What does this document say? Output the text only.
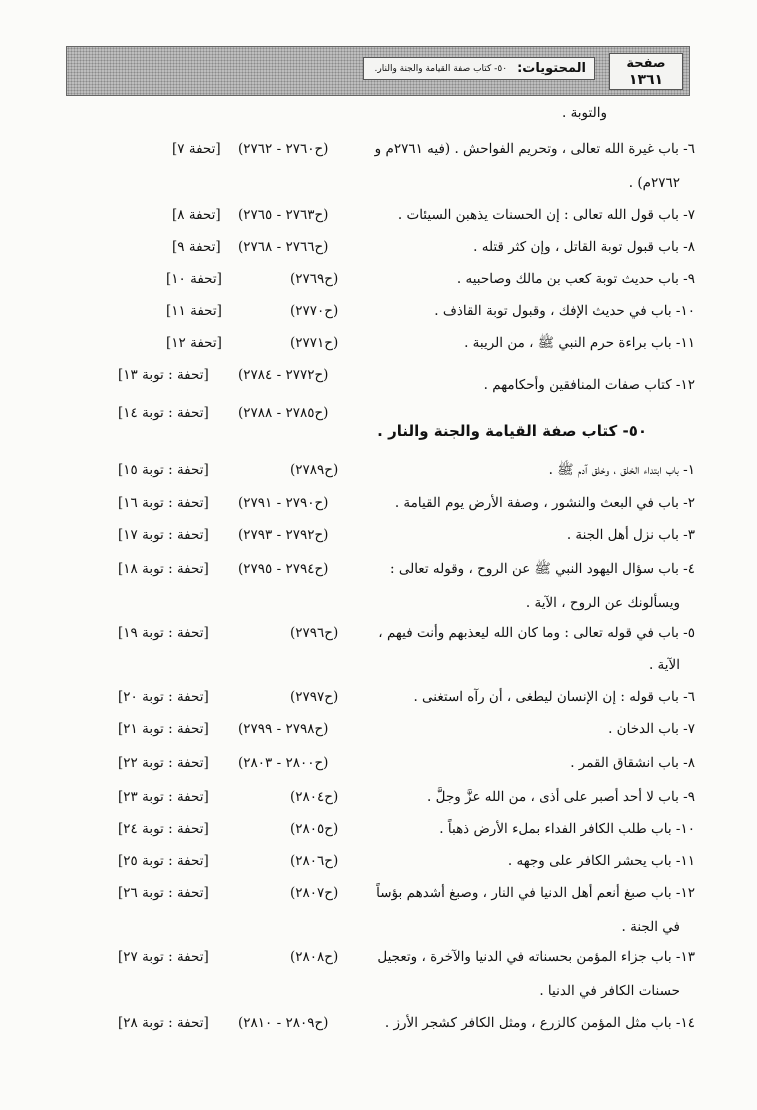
المحتويات:
٥٠- كتاب صفة القيامة والجنة والنار.	صفحة
١٣٦١
والتوبة .
٦- باب غيرة الله تعالى ، وتحريم الفواحش . (فيه ٢٧٦١م و
(ح٢٧٦٠ - ٢٧٦٢)
[تحفة ٧]
٢٧٦٢م) .
٧- باب قول الله تعالى : إن الحسنات يذهبن السيئات .
(ح٢٧٦٣ - ٢٧٦٥)
[تحفة ٨]
٨- باب قبول توبة القاتل ، وإن كثر قتله .
(ح٢٧٦٦ - ٢٧٦٨)
[تحفة ٩]
٩- باب حديث توبة كعب بن مالك وصاحبيه .
(ح٢٧٦٩)
[تحفة ١٠]
١٠- باب في حديث الإفك ، وقبول توبة القاذف .
(ح٢٧٧٠)
[تحفة ١١]
١١- باب براءة حرم النبي ﷺ ، من الريبة .
(ح٢٧٧١)
[تحفة ١٢]
(ح٢٧٧٢ - ٢٧٨٤)
[تحفة : توبة ١٣]
١٢- كتاب صفات المنافقين وأحكامهم .
(ح٢٧٨٥ - ٢٧٨٨)
[تحفة : توبة ١٤]
٥٠- كتاب صفة القيامة والجنة والنار .
١- باب ابتداء الخلق ، وخلق آدم ﷺ .
(ح٢٧٨٩)
[تحفة : توبة ١٥]
٢- باب في البعث والنشور ، وصفة الأرض يوم القيامة .
(ح٢٧٩٠ - ٢٧٩١)
[تحفة : توبة ١٦]
٣- باب نزل أهل الجنة .
(ح٢٧٩٢ - ٢٧٩٣)
[تحفة : توبة ١٧]
٤- باب سؤال اليهود النبي ﷺ عن الروح ، وقوله تعالى :
(ح٢٧٩٤ - ٢٧٩٥)
[تحفة : توبة ١٨]
ويسألونك عن الروح ، الآية .
٥- باب في قوله تعالى : وما كان الله ليعذبهم وأنت فيهم ،
(ح٢٧٩٦)
[تحفة : توبة ١٩]
الآية .
٦- باب قوله : إن الإنسان ليطغى ، أن رآه استغنى .
(ح٢٧٩٧)
[تحفة : توبة ٢٠]
٧- باب الدخان .
(ح٢٧٩٨ - ٢٧٩٩)
[تحفة : توبة ٢١]
٨- باب انشقاق القمر .
(ح٢٨٠٠ - ٢٨٠٣)
[تحفة : توبة ٢٢]
٩- باب لا أحد أصبر على أذى ، من الله عزَّ وجلَّ .
(ح٢٨٠٤)
[تحفة : توبة ٢٣]
١٠- باب طلب الكافر الفداء بملء الأرض ذهباً .
(ح٢٨٠٥)
[تحفة : توبة ٢٤]
١١- باب يحشر الكافر على وجهه .
(ح٢٨٠٦)
[تحفة : توبة ٢٥]
١٢- باب صبغ أنعم أهل الدنيا في النار ، وصبغ أشدهم بؤساً
(ح٢٨٠٧)
[تحفة : توبة ٢٦]
في الجنة .
١٣- باب جزاء المؤمن بحسناته في الدنيا والآخرة ، وتعجيل
(ح٢٨٠٨)
[تحفة : توبة ٢٧]
حسنات الكافر في الدنيا .
١٤- باب مثل المؤمن كالزرع ، ومثل الكافر كشجر الأرز .
(ح٢٨٠٩ - ٢٨١٠)
[تحفة : توبة ٢٨]
